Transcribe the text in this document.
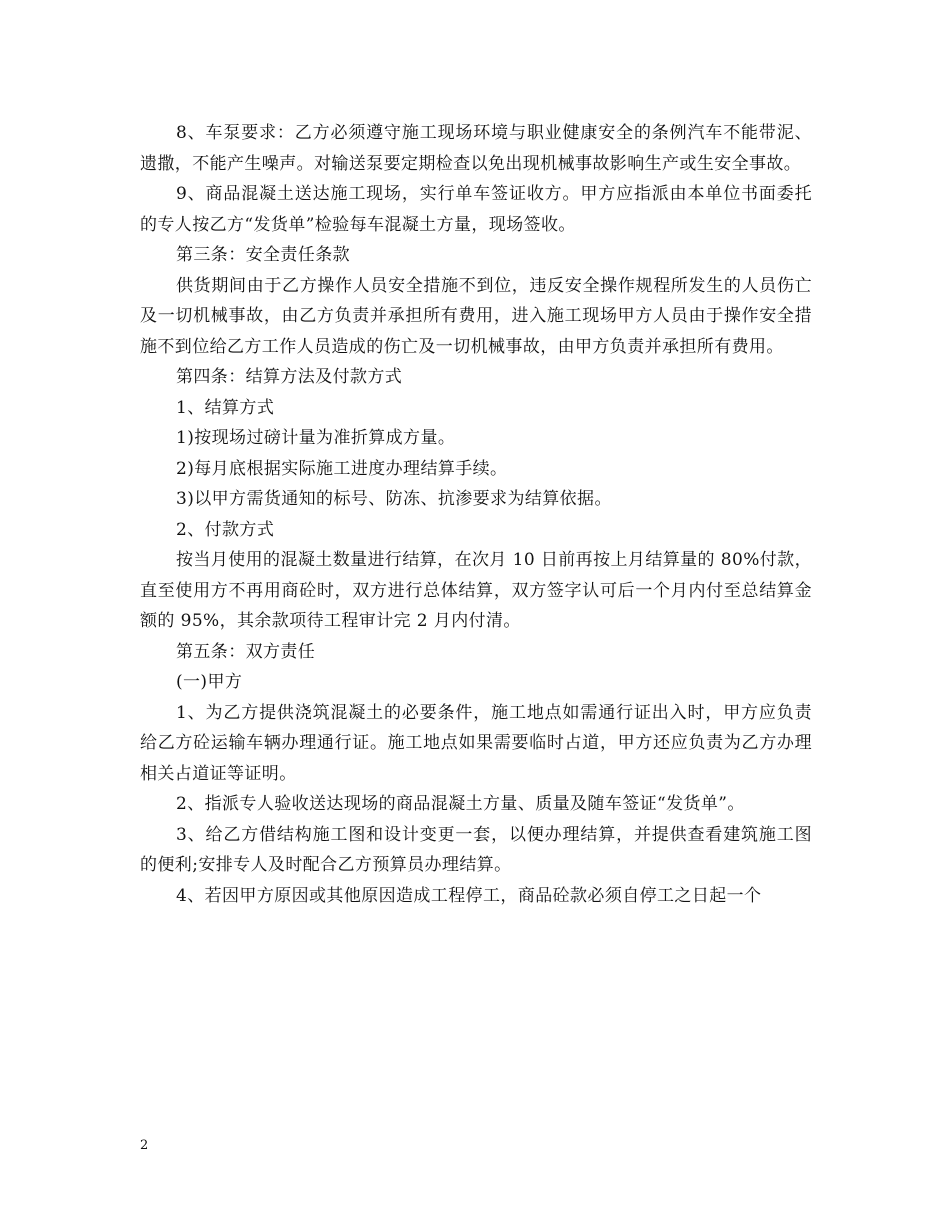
8、车泵要求：乙方必须遵守施工现场环境与职业健康安全的条例汽车不能带泥、遗撒，不能产生噪声。对输送泵要定期检查以免出现机械事故影响生产或生安全事故。

9、商品混凝土送达施工现场，实行单车签证收方。甲方应指派由本单位书面委托的专人按乙方“发货单”检验每车混凝土方量，现场签收。

第三条：安全责任条款

供货期间由于乙方操作人员安全措施不到位，违反安全操作规程所发生的人员伤亡及一切机械事故，由乙方负责并承担所有费用，进入施工现场甲方人员由于操作安全措施不到位给乙方工作人员造成的伤亡及一切机械事故，由甲方负责并承担所有费用。

第四条：结算方法及付款方式

1、结算方式

1)按现场过磅计量为准折算成方量。

2)每月底根据实际施工进度办理结算手续。

3)以甲方需货通知的标号、防冻、抗渗要求为结算依据。

2、付款方式

按当月使用的混凝土数量进行结算，在次月 10 日前再按上月结算量的 80%付款，直至使用方不再用商砼时，双方进行总体结算，双方签字认可后一个月内付至总结算金额的 95%，其余款项待工程审计完 2 月内付清。

第五条：双方责任

(一)甲方

1、为乙方提供浇筑混凝土的必要条件，施工地点如需通行证出入时，甲方应负责给乙方砼运输车辆办理通行证。施工地点如果需要临时占道，甲方还应负责为乙方办理相关占道证等证明。

2、指派专人验收送达现场的商品混凝土方量、质量及随车签证“发货单”。

3、给乙方借结构施工图和设计变更一套，以便办理结算，并提供查看建筑施工图的便利;安排专人及时配合乙方预算员办理结算。

4、若因甲方原因或其他原因造成工程停工，商品砼款必须自停工之日起一个

2
